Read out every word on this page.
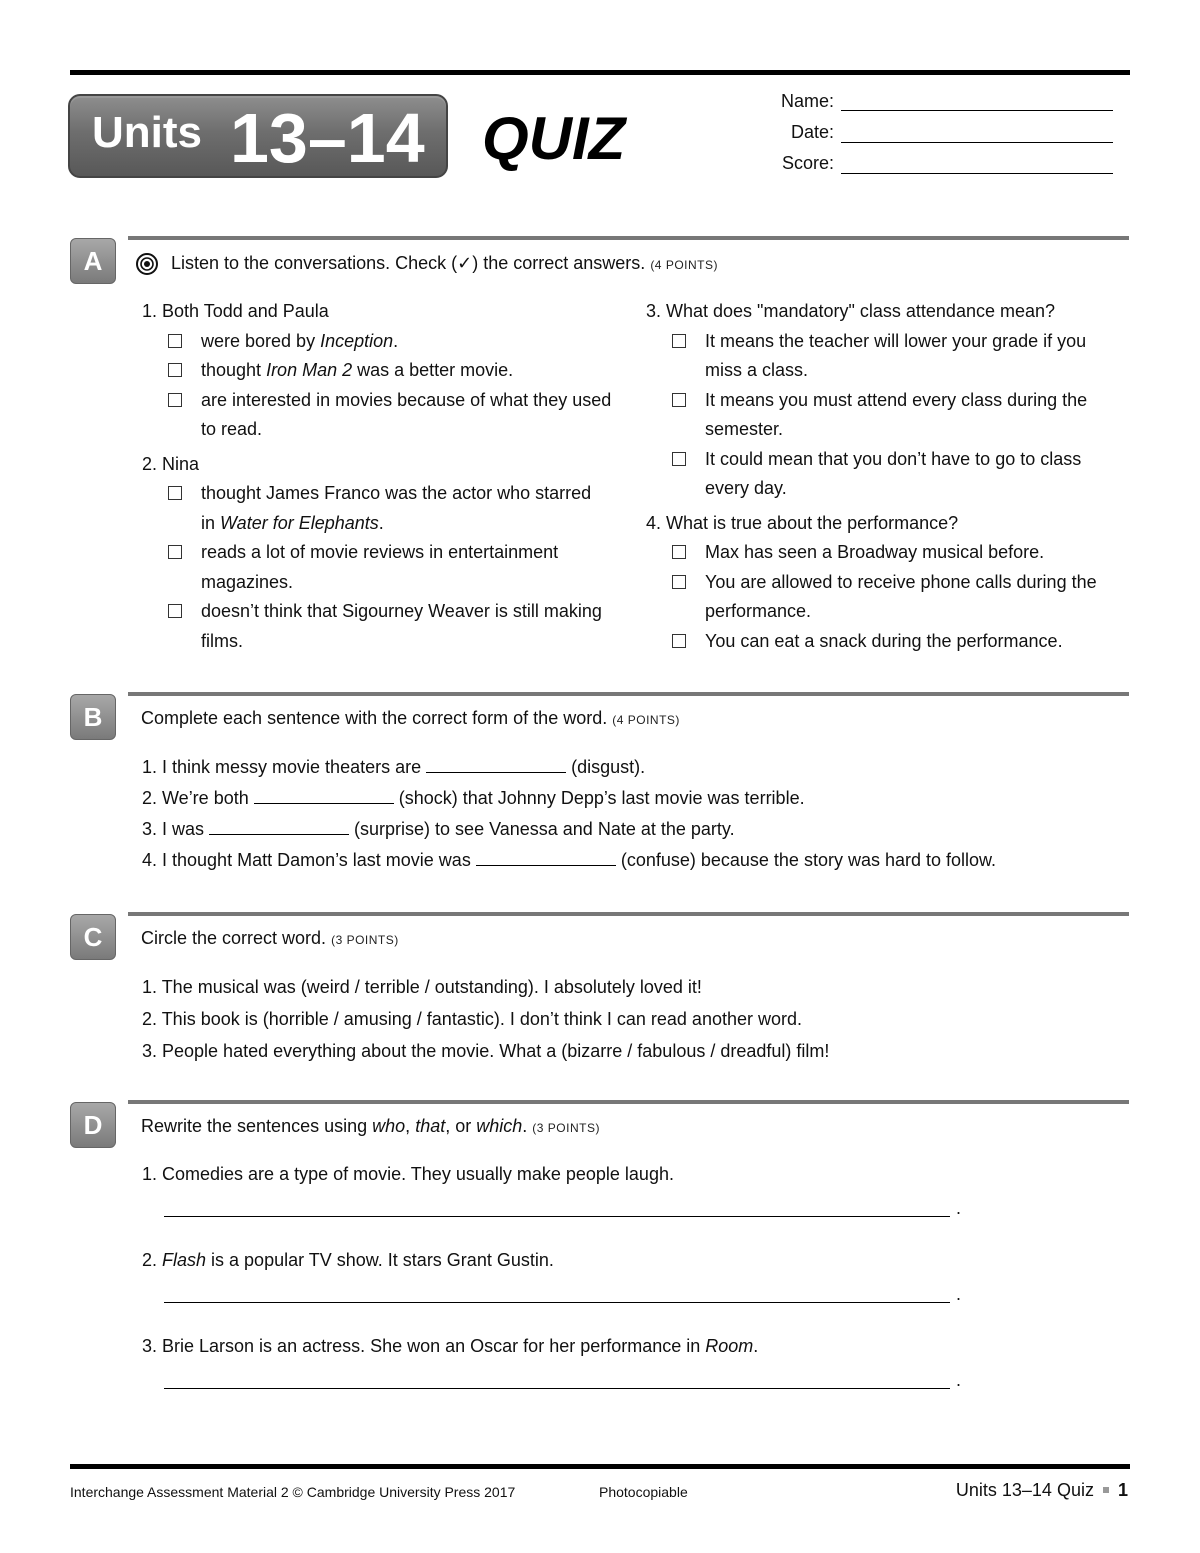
Units 13–14 QUIZ
Name:
Date:
Score:
A	Listen to the conversations. Check (✓) the correct answers. (4 POINTS)
1. Both Todd and Paula
were bored by Inception.
thought Iron Man 2 was a better movie.
are interested in movies because of what they used to read.
2. Nina
thought James Franco was the actor who starred in Water for Elephants.
reads a lot of movie reviews in entertainment magazines.
doesn’t think that Sigourney Weaver is still making films.
3. What does "mandatory" class attendance mean?
It means the teacher will lower your grade if you miss a class.
It means you must attend every class during the semester.
It could mean that you don’t have to go to class every day.
4. What is true about the performance?
Max has seen a Broadway musical before.
You are allowed to receive phone calls during the performance.
You can eat a snack during the performance.
B	Complete each sentence with the correct form of the word. (4 POINTS)
1. I think messy movie theaters are	(disgust).
2. We’re both	(shock) that Johnny Depp’s last movie was terrible.
3. I was	(surprise) to see Vanessa and Nate at the party.
4. I thought Matt Damon’s last movie was	(confuse) because the story was hard to follow.
C	Circle the correct word. (3 POINTS)
1. The musical was (weird / terrible / outstanding). I absolutely loved it!
2. This book is (horrible / amusing / fantastic). I don’t think I can read another word.
3. People hated everything about the movie. What a (bizarre / fabulous / dreadful) film!
D	Rewrite the sentences using who, that, or which. (3 POINTS)
1. Comedies are a type of movie. They usually make people laugh.
.
2. Flash is a popular TV show. It stars Grant Gustin.
.
3. Brie Larson is an actress. She won an Oscar for her performance in Room.
.
Interchange Assessment Material 2 © Cambridge University Press 2017	Photocopiable	Units 13–14 Quiz 1
